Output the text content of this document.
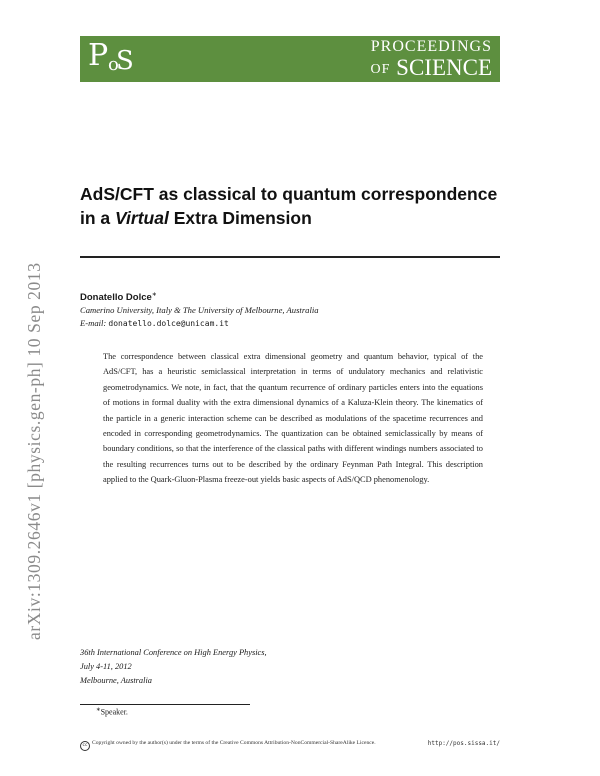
P o
S	PROCEEDINGS
OF SCIENCE
arXiv:1309.2646v1 [physics.gen-ph] 10 Sep 2013
AdS/CFT as classical to quantum correspondence
in a Virtual Extra Dimension
Donatello Dolce∗
Camerino University, Italy & The University of Melbourne, Australia
E-mail: donatello.dolce@unicam.it
The correspondence between classical extra dimensional geometry and quantum behavior, typical of the AdS/CFT, has a heuristic semiclassical interpretation in terms of undulatory mechanics and relativistic geometrodynamics. We note, in fact, that the quantum recurrence of ordinary particles enters into the equations of motions in formal duality with the extra dimensional dynamics of a Kaluza-Klein theory. The kinematics of the particle in a generic interaction scheme can be described as modulations of the spacetime recurrences and encoded in corresponding geometrodynamics. The quantization can be obtained semiclassically by means of boundary conditions, so that the interference of the classical paths with different windings numbers associated to the resulting recurrences turns out to be described by the ordinary Feynman Path Integral. This description applied to the Quark-Gluon-Plasma freeze-out yields basic aspects of AdS/QCD phenomenology.
36th International Conference on High Energy Physics,
July 4-11, 2012
Melbourne, Australia
∗Speaker.
cc Copyright owned by the author(s) under the terms of the Creative Commons Attribution-NonCommercial-ShareAlike Licence.	http://pos.sissa.it/
